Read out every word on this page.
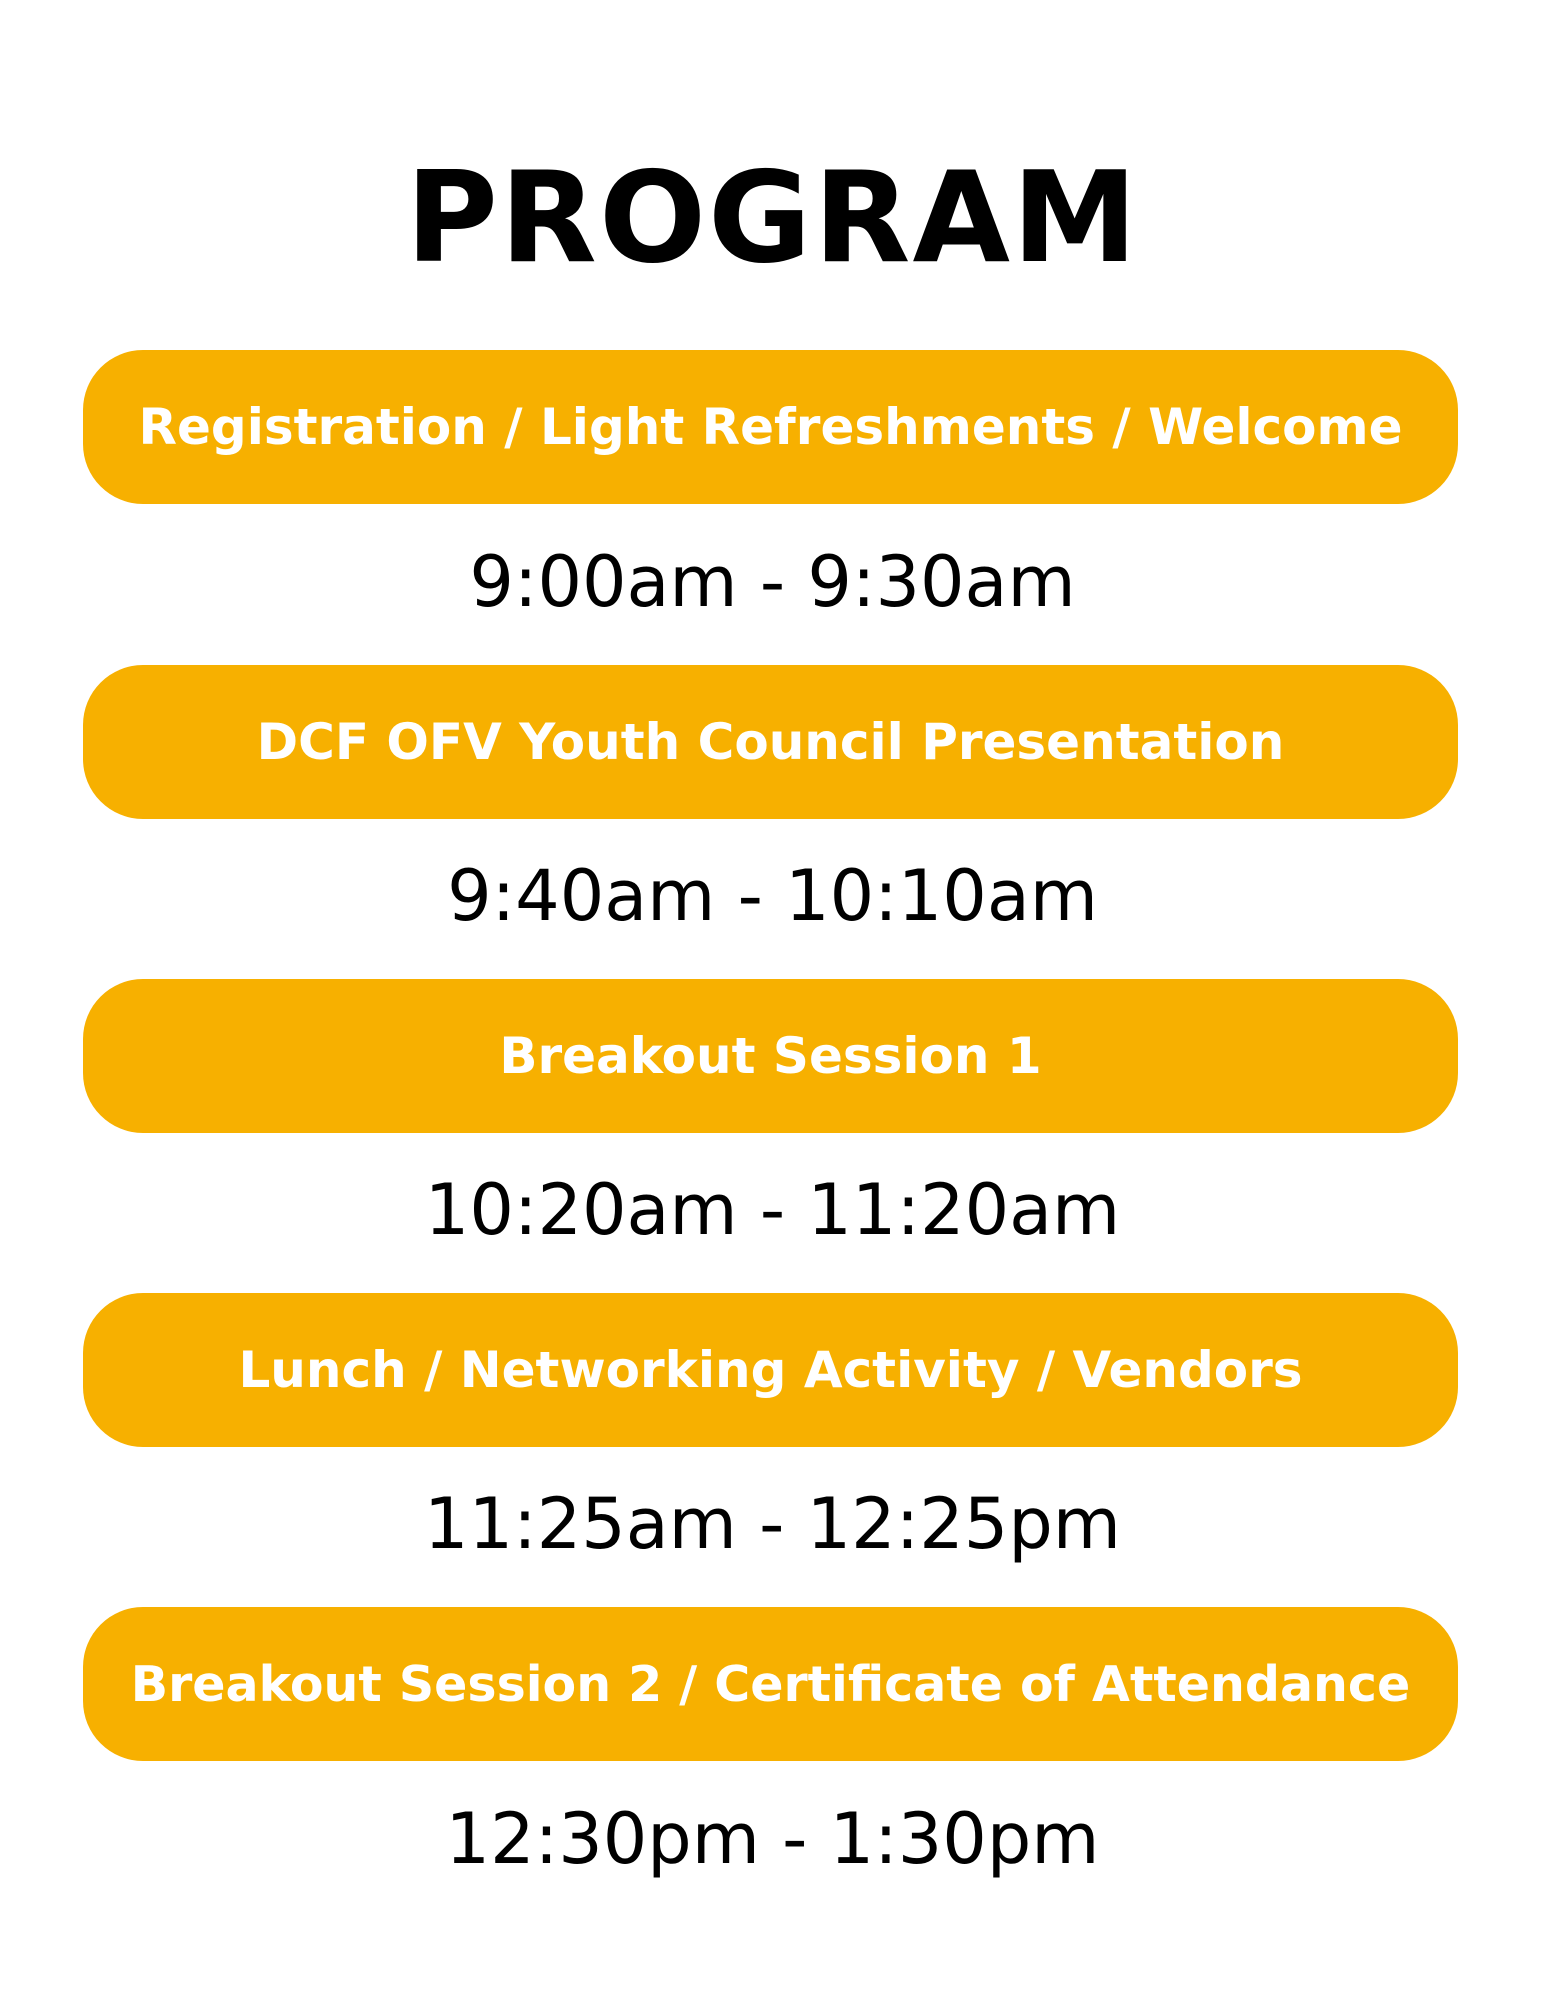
PROGRAM
Registration / Light Refreshments / Welcome
9:00am - 9:30am
DCF OFV Youth Council Presentation
9:40am - 10:10am
Breakout Session 1
10:20am - 11:20am
Lunch / Networking Activity / Vendors
11:25am - 12:25pm
Breakout Session 2 / Certificate of Attendance
12:30pm - 1:30pm
